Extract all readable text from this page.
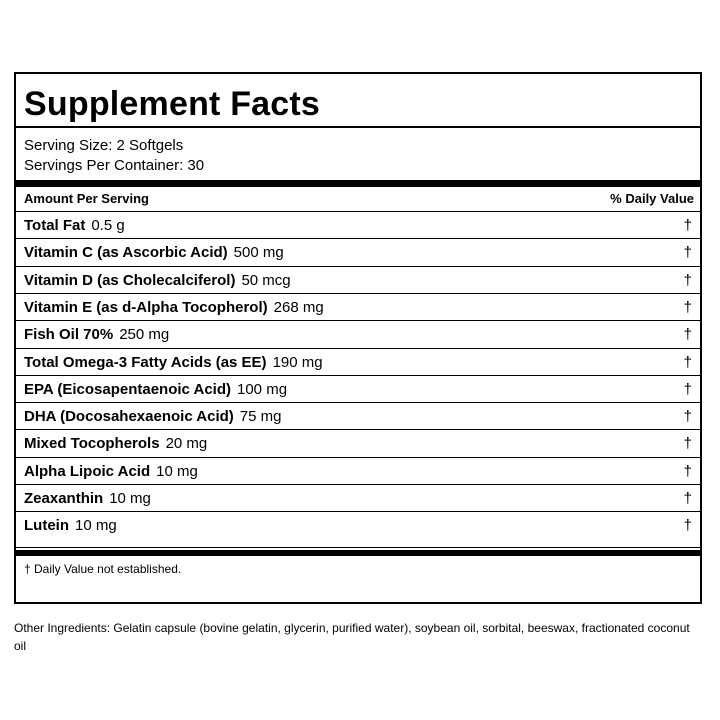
Supplement Facts
Serving Size: 2 Softgels
Servings Per Container: 30
Amount Per Serving	% Daily Value
Total Fat 0.5 g	†
Vitamin C (as Ascorbic Acid) 500 mg	†
Vitamin D (as Cholecalciferol) 50 mcg	†
Vitamin E (as d-Alpha Tocopherol) 268 mg	†
Fish Oil 70% 250 mg	†
Total Omega-3 Fatty Acids (as EE) 190 mg	†
EPA (Eicosapentaenoic Acid) 100 mg	†
DHA (Docosahexaenoic Acid) 75 mg	†
Mixed Tocopherols 20 mg	†
Alpha Lipoic Acid 10 mg	†
Zeaxanthin 10 mg	†
Lutein 10 mg	†
† Daily Value not established.
Other Ingredients: Gelatin capsule (bovine gelatin, glycerin, purified water), soybean oil, sorbital, beeswax, fractionated coconut oil
